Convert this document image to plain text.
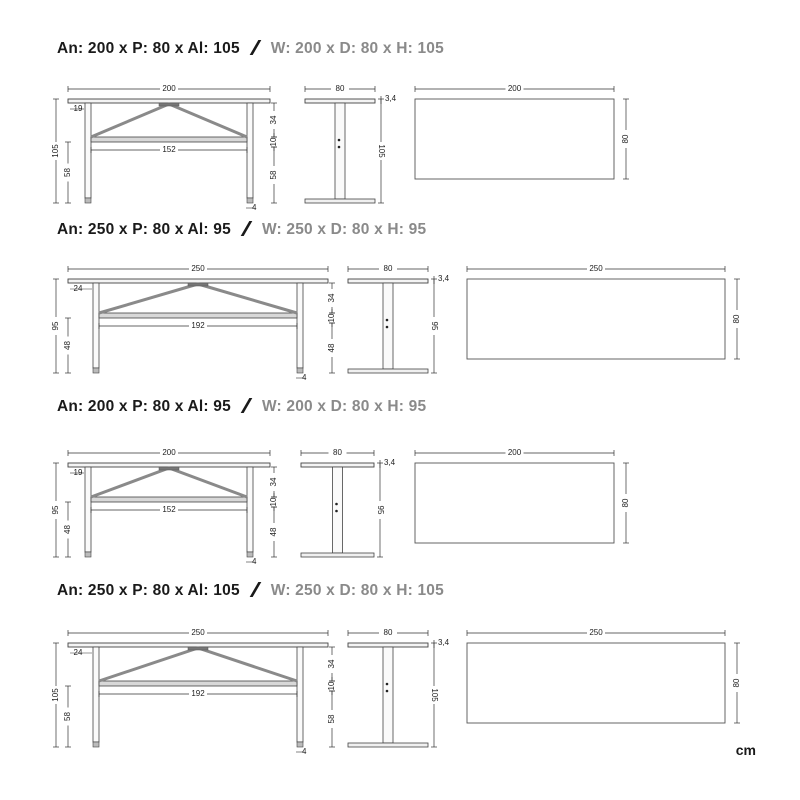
An: 200 x P: 80 x Al: 105 W: 200 x D: 80 x H: 105
An: 250 x P: 80 x Al: 95 W: 250 x D: 80 x H: 95
An: 200 x P: 80 x Al: 95 W: 200 x D: 80 x H: 95
An: 250 x P: 80 x Al: 105 W: 250 x D: 80 x H: 105
200
152
19
105
58
34
10
58
4
80
105
3,4
200
80
250
192
24
95
48
34
10
48
4
80
95
3,4
250
80
200
152
19
95
48
34
10
48
4
80
95
3,4
200
80
250
192
24
105
58
34
10
58
4
80
105
3,4
250
80
cm
